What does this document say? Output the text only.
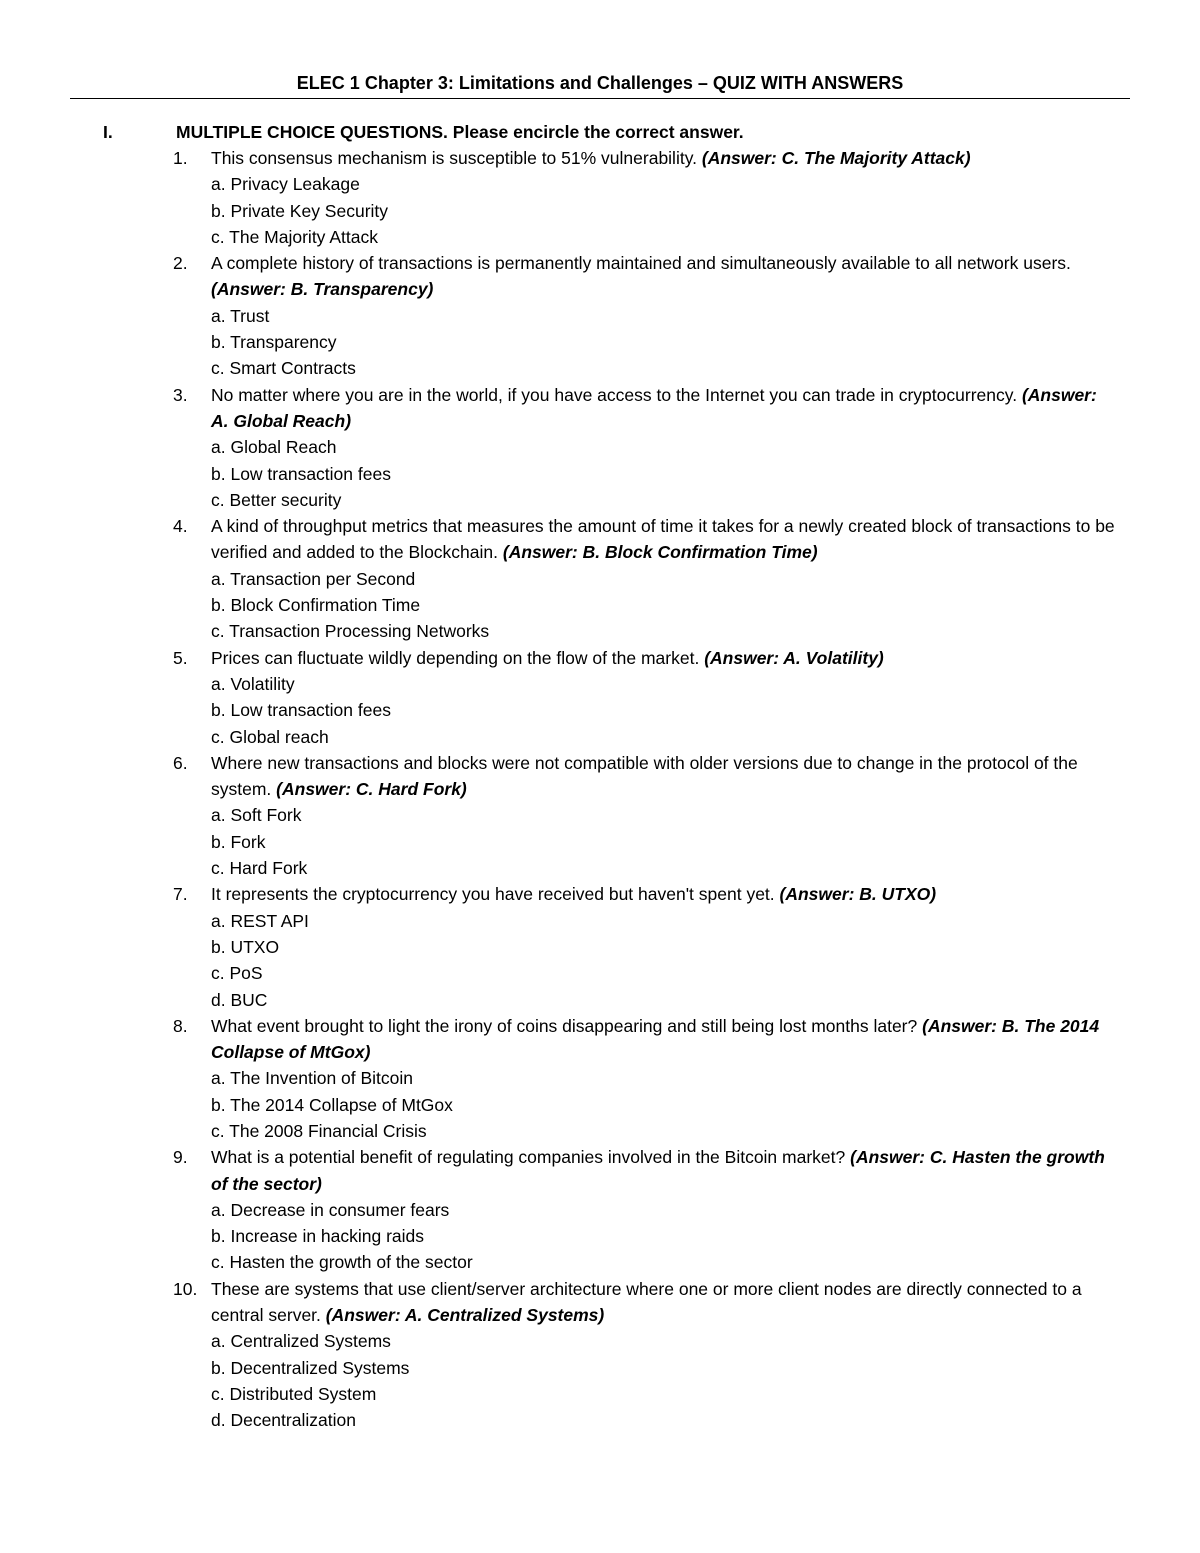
ELEC 1 Chapter 3: Limitations and Challenges – QUIZ WITH ANSWERS
I.	MULTIPLE CHOICE QUESTIONS. Please encircle the correct answer.
1.	This consensus mechanism is susceptible to 51% vulnerability. (Answer: C. The Majority Attack)
a. Privacy Leakage
b. Private Key Security
c. The Majority Attack
2.	A complete history of transactions is permanently maintained and simultaneously available to all network users. (Answer: B. Transparency)
a. Trust
b. Transparency
c. Smart Contracts
3.	No matter where you are in the world, if you have access to the Internet you can trade in cryptocurrency. (Answer: A. Global Reach)
a. Global Reach
b. Low transaction fees
c. Better security
4.	A kind of throughput metrics that measures the amount of time it takes for a newly created block of transactions to be verified and added to the Blockchain. (Answer: B. Block Confirmation Time)
a. Transaction per Second
b. Block Confirmation Time
c. Transaction Processing Networks
5.	Prices can fluctuate wildly depending on the flow of the market. (Answer: A. Volatility)
a. Volatility
b. Low transaction fees
c. Global reach
6.	Where new transactions and blocks were not compatible with older versions due to change in the protocol of the system. (Answer: C. Hard Fork)
a. Soft Fork
b. Fork
c. Hard Fork
7.	It represents the cryptocurrency you have received but haven't spent yet. (Answer: B. UTXO)
a. REST API
b. UTXO
c. PoS
d. BUC
8.	What event brought to light the irony of coins disappearing and still being lost months later? (Answer: B. The 2014 Collapse of MtGox)
a. The Invention of Bitcoin
b. The 2014 Collapse of MtGox
c. The 2008 Financial Crisis
9.	What is a potential benefit of regulating companies involved in the Bitcoin market? (Answer: C. Hasten the growth of the sector)
a. Decrease in consumer fears
b. Increase in hacking raids
c. Hasten the growth of the sector
10. These are systems that use client/server architecture where one or more client nodes are directly connected to a central server. (Answer: A. Centralized Systems)
a. Centralized Systems
b. Decentralized Systems
c. Distributed System
d. Decentralization
